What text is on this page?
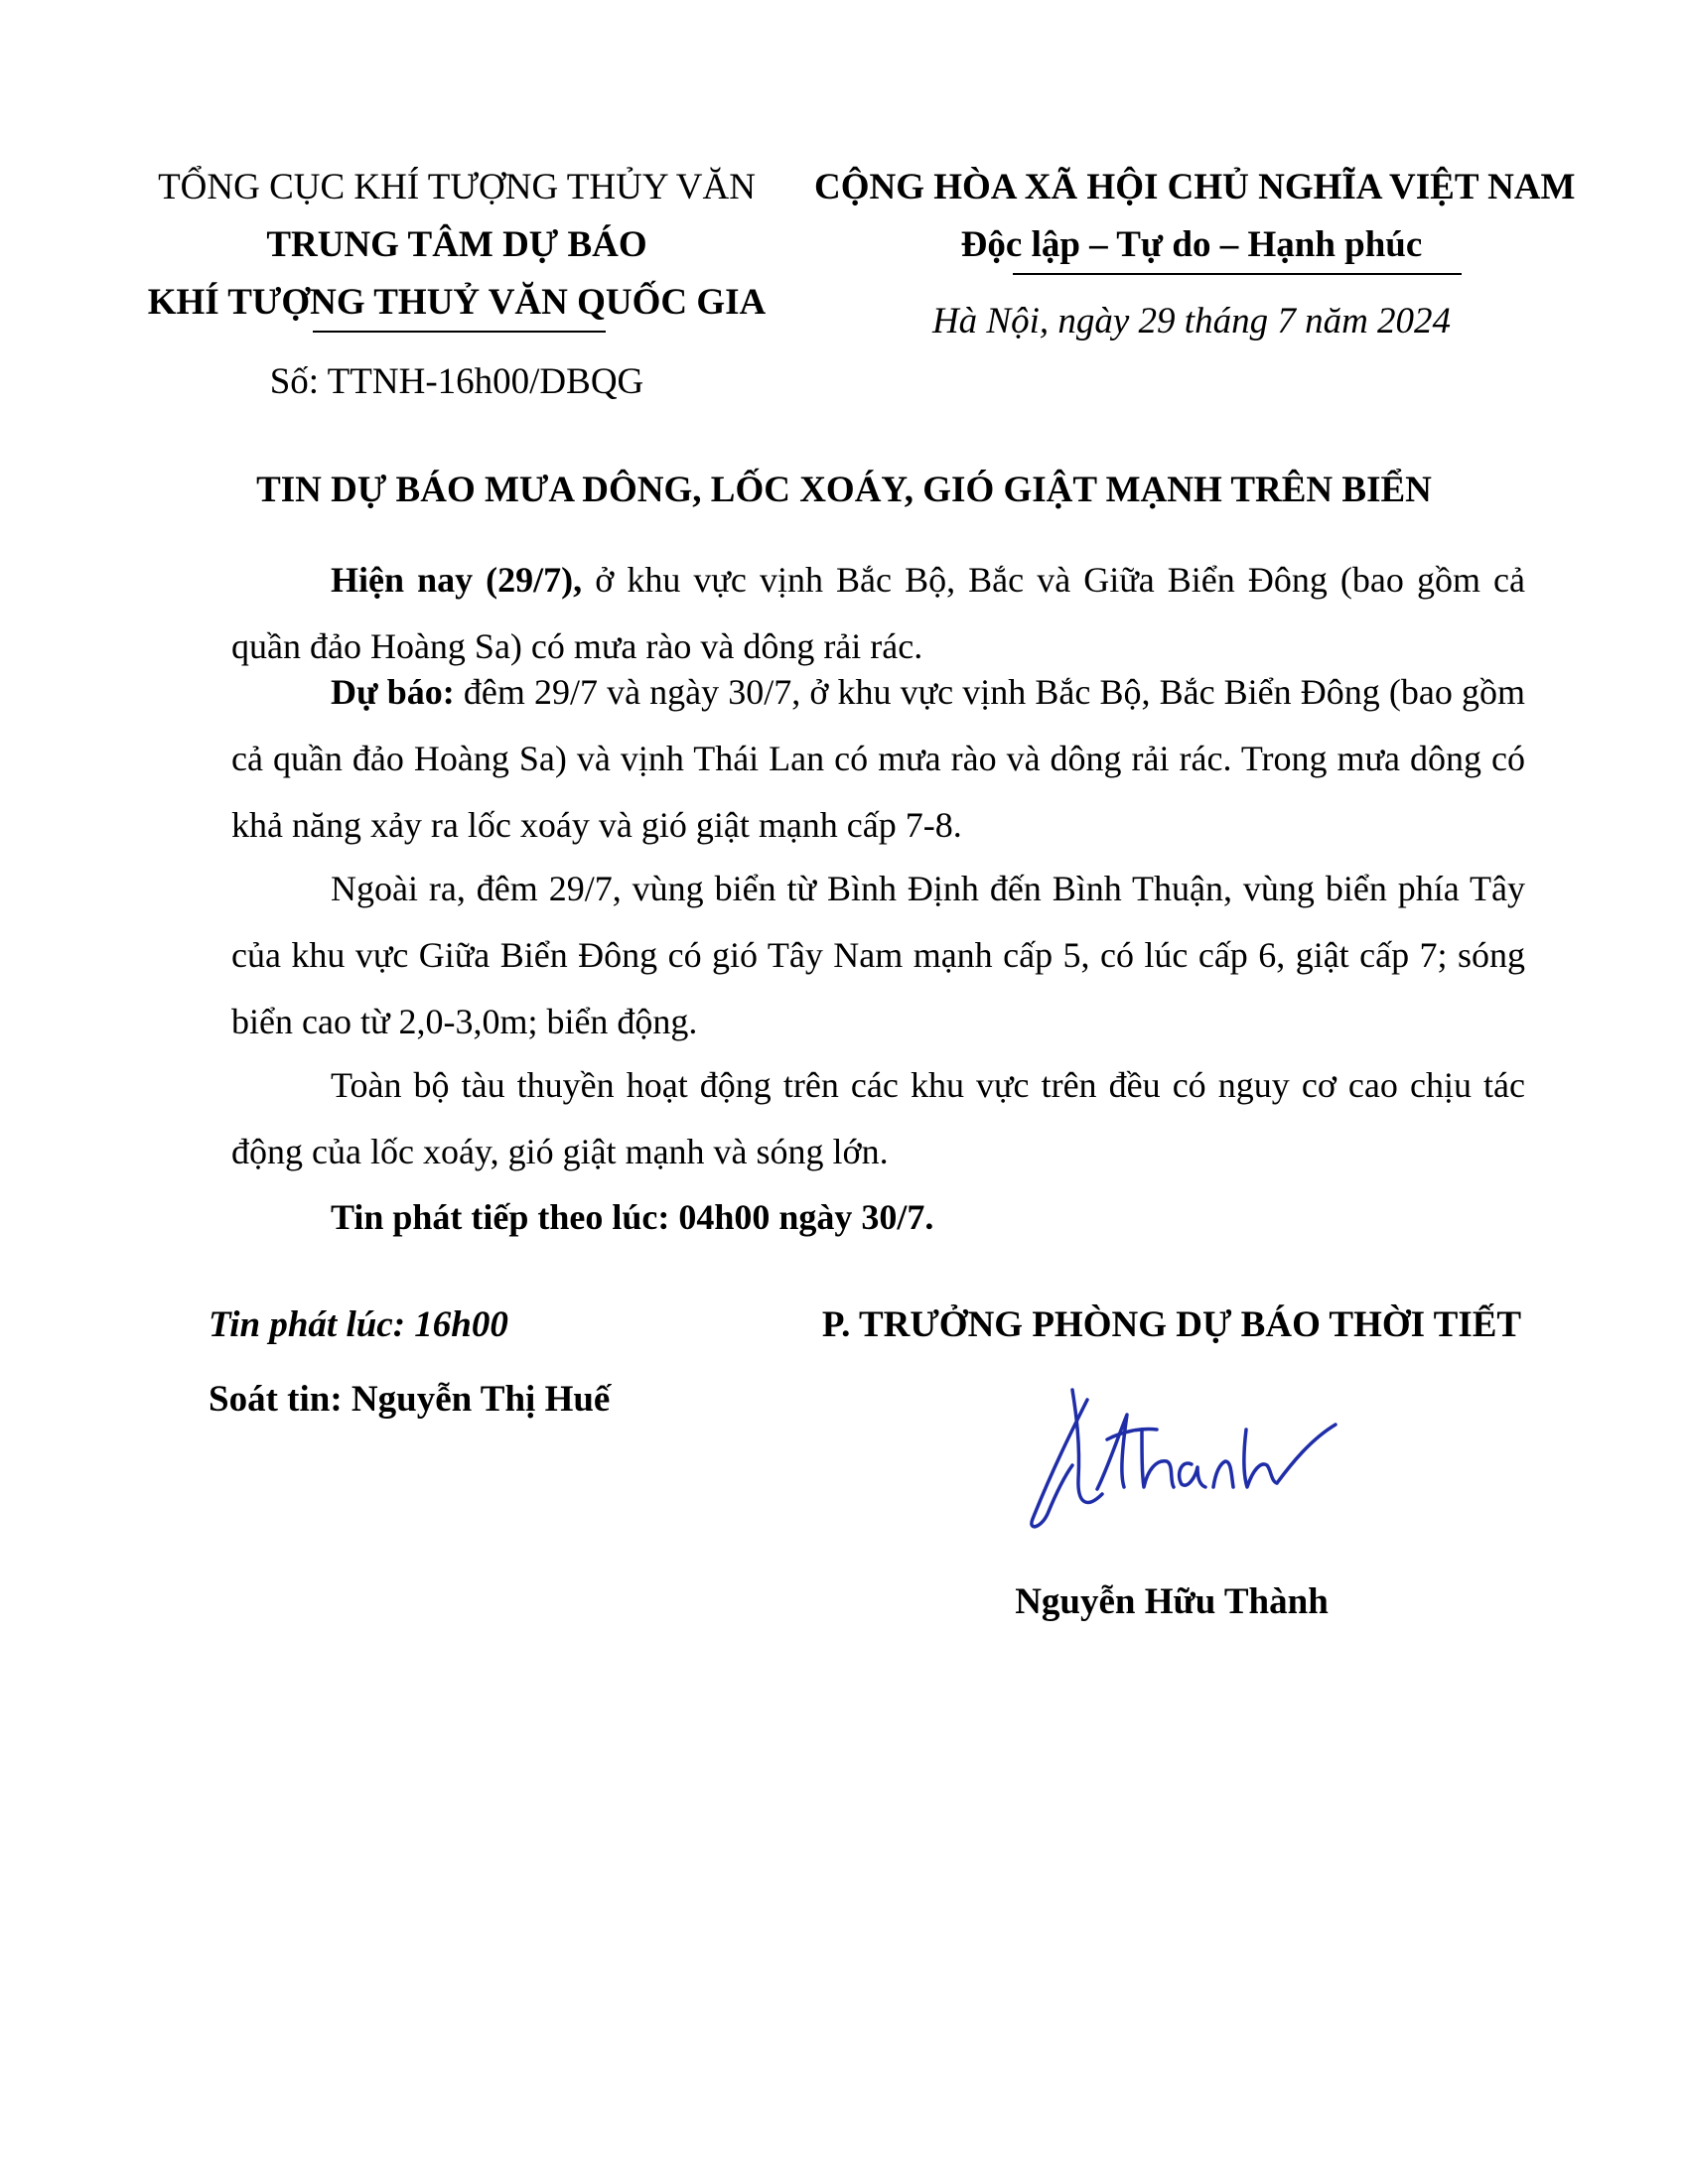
TỔNG CỤC KHÍ TƯỢNG THỦY VĂN
TRUNG TÂM DỰ BÁO
KHÍ TƯỢNG THUỶ VĂN QUỐC GIA
Số: TTNH-16h00/DBQG
CỘNG HÒA XÃ HỘI CHỦ NGHĨA VIỆT NAM
Độc lập – Tự do – Hạnh phúc
Hà Nội, ngày 29 tháng 7 năm 2024
TIN DỰ BÁO MƯA DÔNG, LỐC XOÁY, GIÓ GIẬT MẠNH TRÊN BIỂN

Hiện nay (29/7), ở khu vực vịnh Bắc Bộ, Bắc và Giữa Biển Đông (bao gồm cả quần đảo Hoàng Sa) có mưa rào và dông rải rác.

Dự báo: đêm 29/7 và ngày 30/7, ở khu vực vịnh Bắc Bộ, Bắc Biển Đông (bao gồm cả quần đảo Hoàng Sa) và vịnh Thái Lan có mưa rào và dông rải rác. Trong mưa dông có khả năng xảy ra lốc xoáy và gió giật mạnh cấp 7-8.

Ngoài ra, đêm 29/7, vùng biển từ Bình Định đến Bình Thuận, vùng biển phía Tây của khu vực Giữa Biển Đông có gió Tây Nam mạnh cấp 5, có lúc cấp 6, giật cấp 7; sóng biển cao từ 2,0-3,0m; biển động.

Toàn bộ tàu thuyền hoạt động trên các khu vực trên đều có nguy cơ cao chịu tác động của lốc xoáy, gió giật mạnh và sóng lớn.

Tin phát tiếp theo lúc: 04h00 ngày 30/7.

Tin phát lúc: 16h00
Soát tin: Nguyễn Thị Huế
P. TRƯỞNG PHÒNG DỰ BÁO THỜI TIẾT
Nguyễn Hữu Thành
